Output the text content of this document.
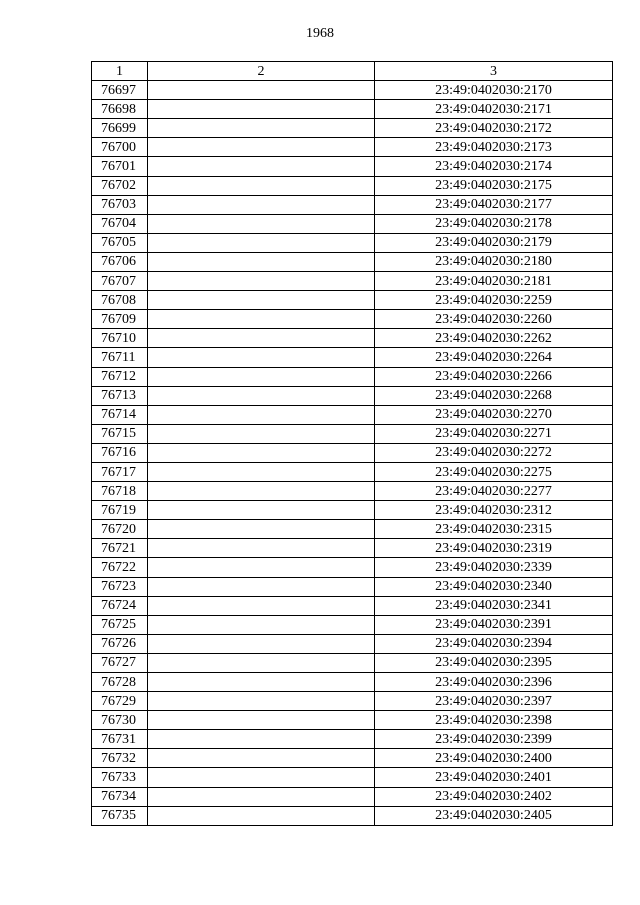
1968
1	2	3
76697		23:49:0402030:2170
76698		23:49:0402030:2171
76699		23:49:0402030:2172
76700		23:49:0402030:2173
76701		23:49:0402030:2174
76702		23:49:0402030:2175
76703		23:49:0402030:2177
76704		23:49:0402030:2178
76705		23:49:0402030:2179
76706		23:49:0402030:2180
76707		23:49:0402030:2181
76708		23:49:0402030:2259
76709		23:49:0402030:2260
76710		23:49:0402030:2262
76711		23:49:0402030:2264
76712		23:49:0402030:2266
76713		23:49:0402030:2268
76714		23:49:0402030:2270
76715		23:49:0402030:2271
76716		23:49:0402030:2272
76717		23:49:0402030:2275
76718		23:49:0402030:2277
76719		23:49:0402030:2312
76720		23:49:0402030:2315
76721		23:49:0402030:2319
76722		23:49:0402030:2339
76723		23:49:0402030:2340
76724		23:49:0402030:2341
76725		23:49:0402030:2391
76726		23:49:0402030:2394
76727		23:49:0402030:2395
76728		23:49:0402030:2396
76729		23:49:0402030:2397
76730		23:49:0402030:2398
76731		23:49:0402030:2399
76732		23:49:0402030:2400
76733		23:49:0402030:2401
76734		23:49:0402030:2402
76735		23:49:0402030:2405
